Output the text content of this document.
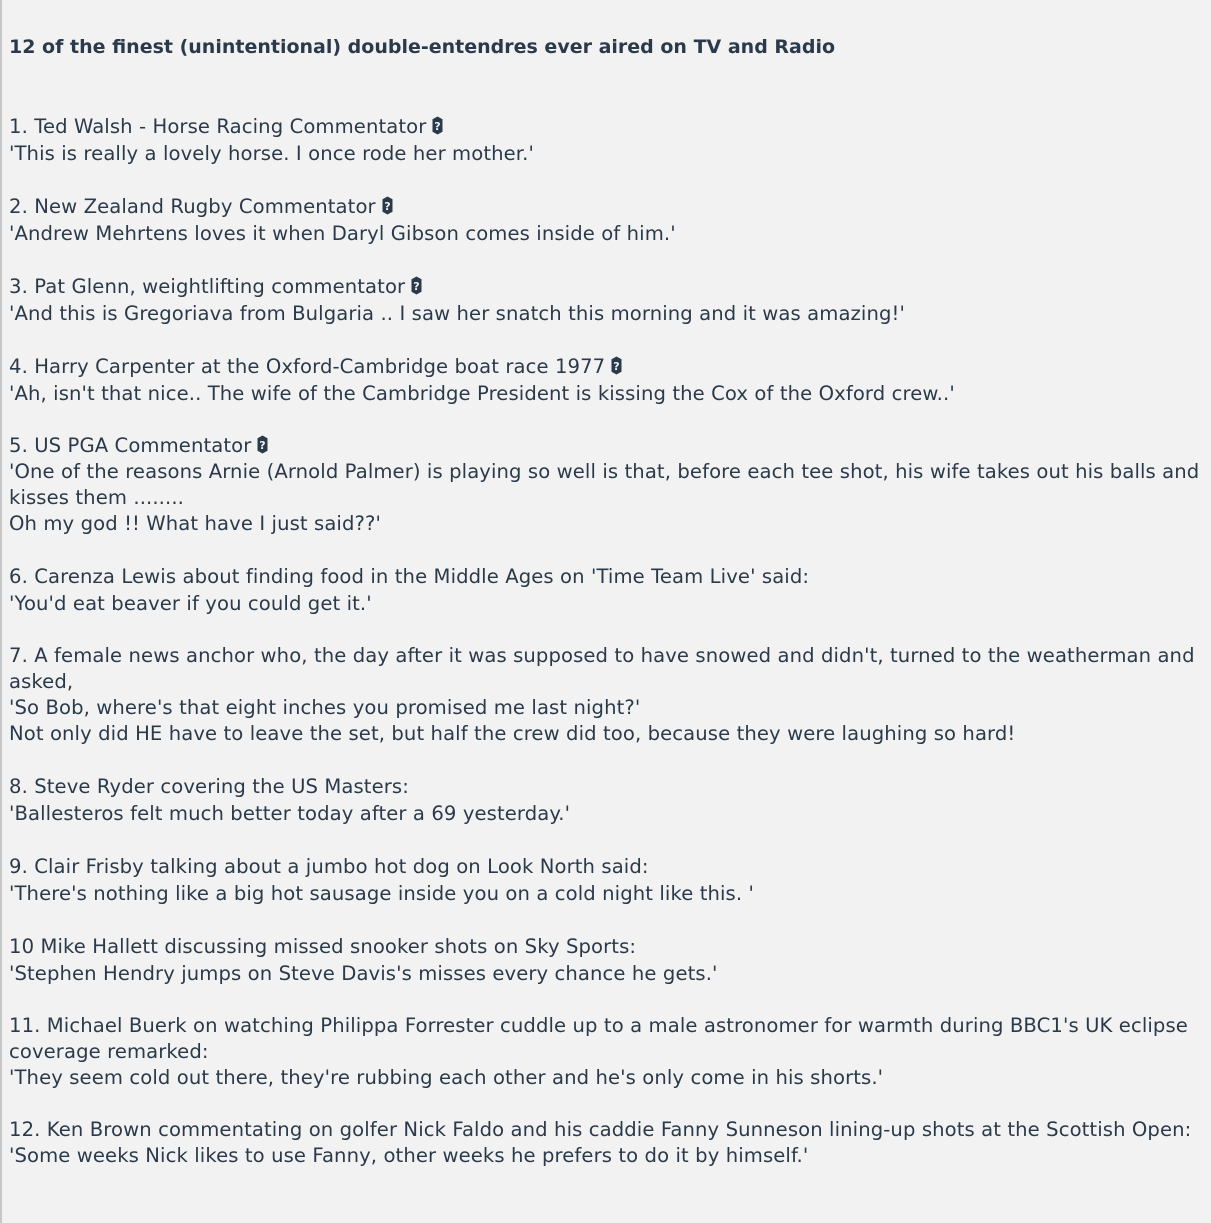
12 of the finest (unintentional) double-entendres ever aired on TV and Radio
1. Ted Walsh - Horse Racing Commentator ?
'This is really a lovely horse. I once rode her mother.'
2. New Zealand Rugby Commentator ?
'Andrew Mehrtens loves it when Daryl Gibson comes inside of him.'
3. Pat Glenn, weightlifting commentator ?
'And this is Gregoriava from Bulgaria .. I saw her snatch this morning and it was amazing!'
4. Harry Carpenter at the Oxford-Cambridge boat race 1977 ?
'Ah, isn't that nice.. The wife of the Cambridge President is kissing the Cox of the Oxford crew..'
5. US PGA Commentator ?
'One of the reasons Arnie (Arnold Palmer) is playing so well is that, before each tee shot, his wife takes out his balls and kisses them ........
Oh my god !! What have I just said??'
6. Carenza Lewis about finding food in the Middle Ages on 'Time Team Live' said:
'You'd eat beaver if you could get it.'
7. A female news anchor who, the day after it was supposed to have snowed and didn't, turned to the weatherman and asked,
'So Bob, where's that eight inches you promised me last night?'
Not only did HE have to leave the set, but half the crew did too, because they were laughing so hard!
8. Steve Ryder covering the US Masters:
'Ballesteros felt much better today after a 69 yesterday.'
9. Clair Frisby talking about a jumbo hot dog on Look North said:
'There's nothing like a big hot sausage inside you on a cold night like this. '
10 Mike Hallett discussing missed snooker shots on Sky Sports:
'Stephen Hendry jumps on Steve Davis's misses every chance he gets.'
11. Michael Buerk on watching Philippa Forrester cuddle up to a male astronomer for warmth during BBC1's UK eclipse coverage remarked:
'They seem cold out there, they're rubbing each other and he's only come in his shorts.'
12. Ken Brown commentating on golfer Nick Faldo and his caddie Fanny Sunneson lining-up shots at the Scottish Open:
'Some weeks Nick likes to use Fanny, other weeks he prefers to do it by himself.'
